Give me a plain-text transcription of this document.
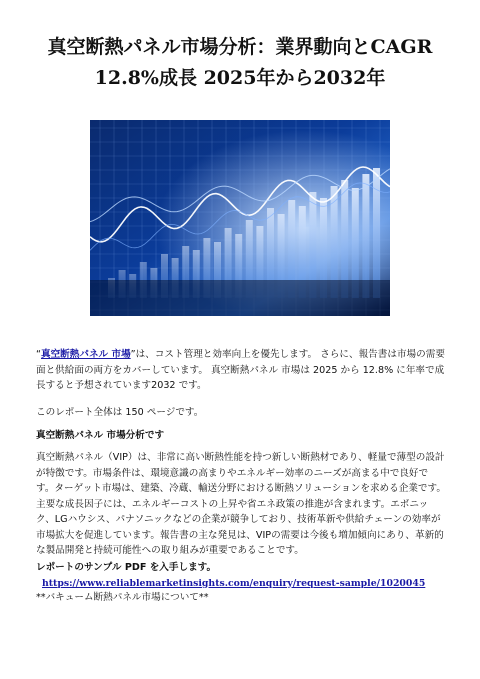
真空断熱パネル市場分析：業界動向とCAGR 12.8%成長 2025年から2032年

“真空断熱パネル 市場”は、コスト管理と効率向上を優先します。 さらに、報告書は市場の需要面と供給面の両方をカバーしています。 真空断熱パネル 市場は 2025 から 12.8% に年率で成長すると予想されています2032 です。

このレポート全体は 150 ページです。

真空断熱パネル 市場分析です

真空断熱パネル（VIP）は、非常に高い断熱性能を持つ新しい断熱材であり、軽量で薄型の設計が特徴です。市場条件は、環境意識の高まりやエネルギー効率のニーズが高まる中で良好です。ターゲット市場は、建築、冷蔵、輸送分野における断熱ソリューションを求める企業です。主要な成長因子には、エネルギーコストの上昇や省エネ政策の推進が含まれます。エボニック、LGハウシス、パナソニックなどの企業が競争しており、技術革新や供給チェーンの効率が市場拡大を促進しています。報告書の主な発見は、VIPの需要は今後も増加傾向にあり、革新的な製品開発と持続可能性への取り組みが重要であることです。

レポートのサンプル PDF を入手します。https://www.reliablemarketinsights.com/enquiry/request-sample/1020045

**バキューム断熱パネル市場について**
